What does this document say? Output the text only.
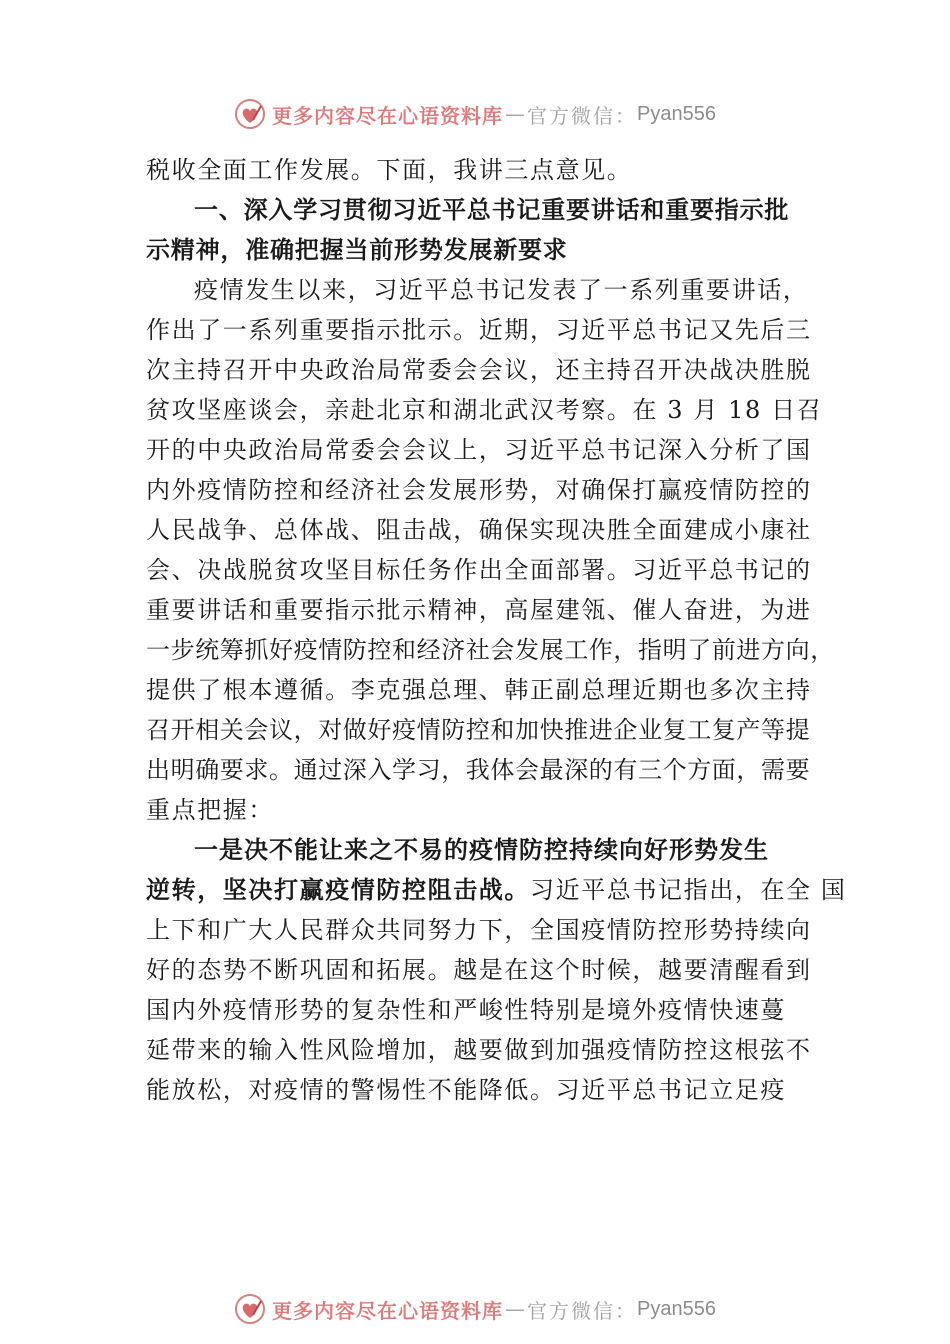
更多内容尽在心语资料库 — 官方微信： Pyan556
税收全面工作发展。下面，我讲三点意见。
一、深入学习贯彻习近平总书记重要讲话和重要指示批
示精神，准确把握当前形势发展新要求
疫情发生以来，习近平总书记发表了一系列重要讲话，
作出了一系列重要指示批示。近期，习近平总书记又先后三
次主持召开中央政治局常委会会议，还主持召开决战决胜脱
贫攻坚座谈会，亲赴北京和湖北武汉考察。在 3 月 18 日召
开的中央政治局常委会会议上，习近平总书记深入分析了国
内外疫情防控和经济社会发展形势，对确保打赢疫情防控的
人民战争、总体战、阻击战，确保实现决胜全面建成小康社
会、决战脱贫攻坚目标任务作出全面部署。习近平总书记的
重要讲话和重要指示批示精神，高屋建瓴、催人奋进，为进
一步统筹抓好疫情防控和经济社会发展工作，指明了前进方向，
提供了根本遵循。李克强总理、韩正副总理近期也多次主持
召开相关会议，对做好疫情防控和加快推进企业复工复产等提
出明确要求。通过深入学习，我体会最深的有三个方面，需要
重点把握：
一是决不能让来之不易的疫情防控持续向好形势发生
逆转，坚决打赢疫情防控阻击战。习近平总书记指出，在全 国
上下和广大人民群众共同努力下，全国疫情防控形势持续向
好的态势不断巩固和拓展。越是在这个时候，越要清醒看到
国内外疫情形势的复杂性和严峻性特别是境外疫情快速蔓
延带来的输入性风险增加，越要做到加强疫情防控这根弦不
能放松，对疫情的警惕性不能降低。习近平总书记立足疫
更多内容尽在心语资料库 — 官方微信： Pyan556
